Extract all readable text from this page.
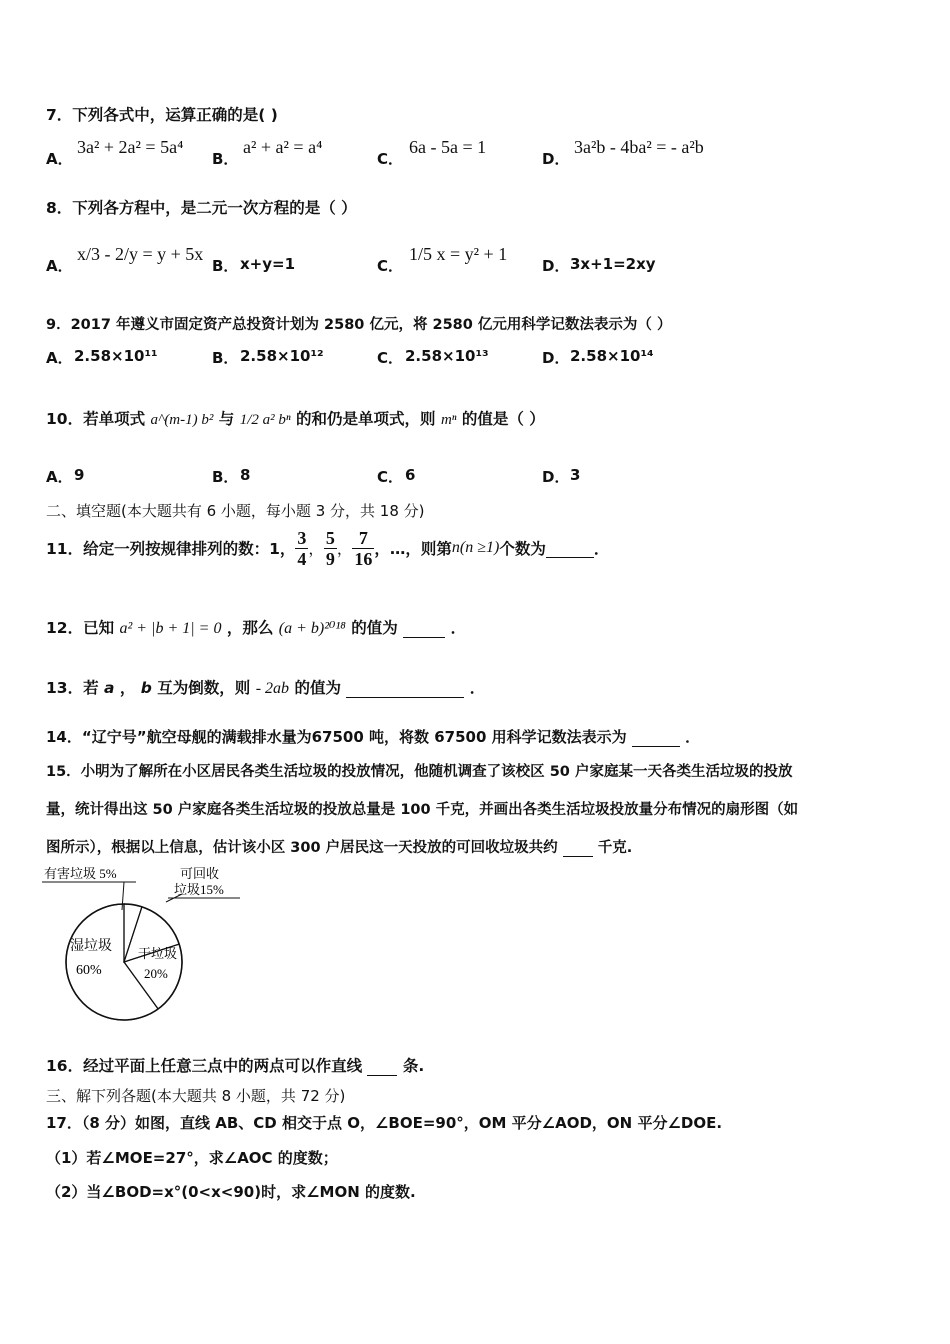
7．下列各式中，运算正确的是( )
A．
3a² + 2a² = 5a⁴
B．
a² + a² = a⁴
C．
6a - 5a = 1
D．
3a²b - 4ba² = - a²b
8．下列各方程中，是二元一次方程的是（ ）
A．
x/3 - 2/y = y + 5x
B． x+y=1	C．
1/5 x = y² + 1
D． 3x+1=2xy
9．2017 年遵义市固定资产总投资计划为 2580 亿元，将 2580 亿元用科学记数法表示为（ ）
A． 2.58×10¹¹	B． 2.58×10¹²	C． 2.58×10¹³	D． 2.58×10¹⁴
10．若单项式 a^(m-1) b² 与 1/2 a² bⁿ 的和仍是单项式，则 mⁿ 的值是（ ）
A． 9	B． 8	C． 6	D． 3
二、填空题(本大题共有 6 小题，每小题 3 分，共 18 分)
11．给定一列按规律排列的数：1， $\frac{3}{4}$ ， $\frac{5}{9}$ ， $\frac{7}{16}$ ，…，则第 n(n ≥1) 个数为
	．
12．已知 a² + |b + 1| = 0 ，那么 (a + b)²⁰¹⁸ 的值为	．
13．若 a ， b 互为倒数，则 - 2ab 的值为	．
14．“辽宁号”航空母舰的满载排水量为67500 吨，将数 67500 用科学记数法表示为	．
15．小明为了解所在小区居民各类生活垃圾的投放情况，他随机调查了该校区 50 户家庭某一天各类生活垃圾的投放
量，统计得出这 50 户家庭各类生活垃圾的投放总量是 100 千克，并画出各类生活垃圾投放量分布情况的扇形图（如
图所示），根据以上信息，估计该小区 300 户居民这一天投放的可回收垃圾共约	千克.
有害垃圾 5%	可回收
垃圾15%
湿垃圾
60%
干垃圾
20%
16．经过平面上任意三点中的两点可以作直线	条.
三、解下列各题(本大题共 8 小题，共 72 分)
17．（8 分）如图，直线 AB、CD 相交于点 O，∠BOE=90°，OM 平分∠AOD，ON 平分∠DOE.
（1）若∠MOE=27°，求∠AOC 的度数；
（2）当∠BOD=x°(0<x<90)时，求∠MON 的度数.
